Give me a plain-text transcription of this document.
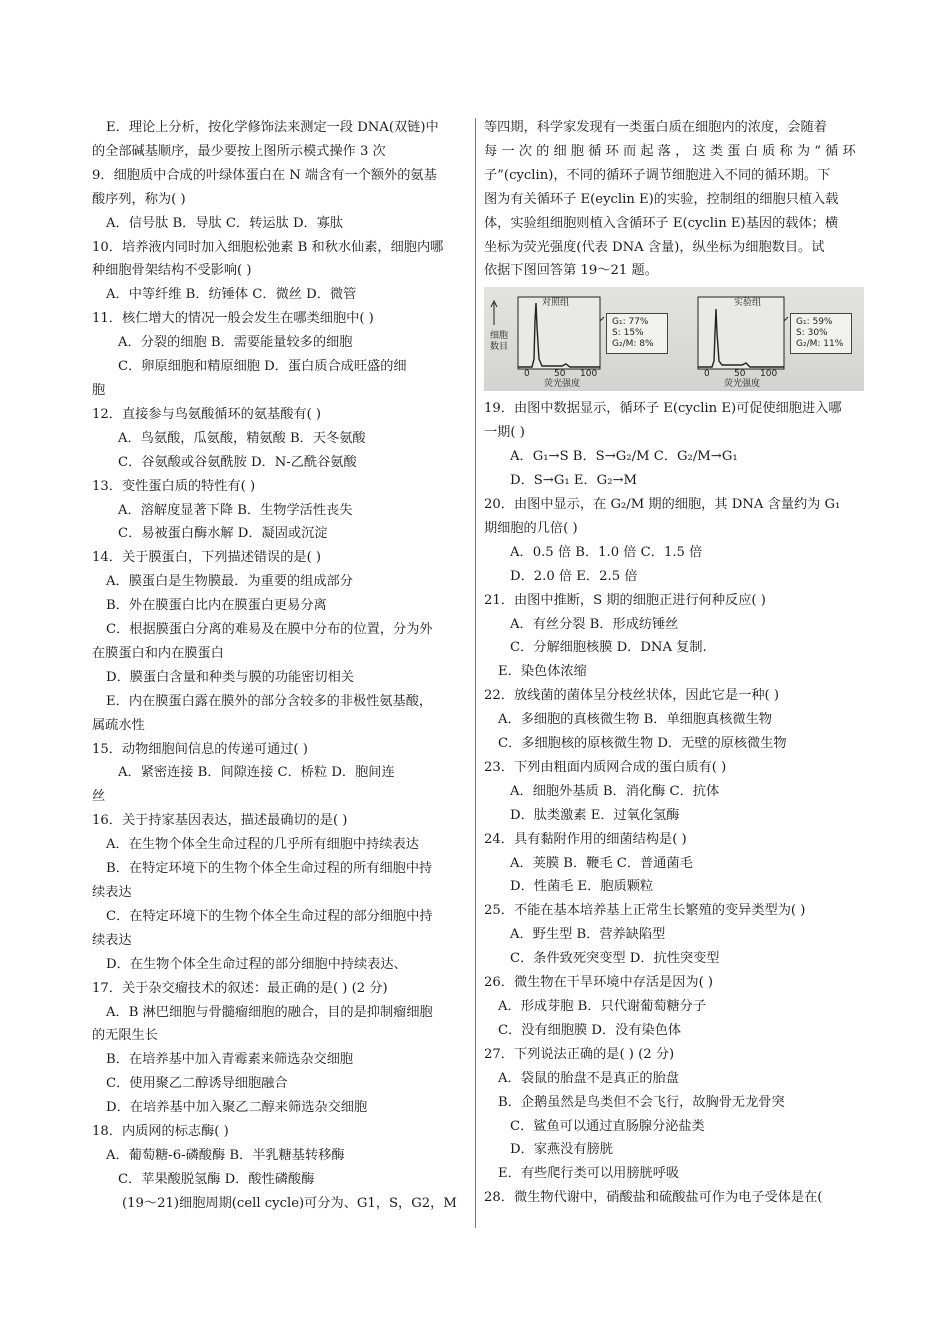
E．理论上分析，按化学修饰法来测定一段 DNA(双链)中
的全部碱基顺序，最少要按上图所示模式操作 3 次
9．细胞质中合成的叶绿体蛋白在 N 端含有一个额外的氨基
酸序列，称为( )
A．信号肽 B．导肽 C．转运肽 D．寡肽
10．培养液内同时加入细胞松弛素 B 和秋水仙素，细胞内哪
种细胞骨架结构不受影响( )
A．中等纤维 B．纺锤体 C．微丝 D．微管
11．核仁增大的情况一般会发生在哪类细胞中( )
A．分裂的细胞 B．需要能量较多的细胞
C．卵原细胞和精原细胞 D．蛋白质合成旺盛的细
胞
12．直接参与鸟氨酸循环的氨基酸有( )
A．鸟氨酸，瓜氨酸，精氨酸 B．天冬氨酸
C．谷氨酸或谷氨酰胺 D．N-乙酰谷氨酸
13．变性蛋白质的特性有( )
A．溶解度显著下降 B．生物学活性丧失
C．易被蛋白酶水解 D．凝固或沉淀
14．关于膜蛋白，下列描述错误的是( )
A．膜蛋白是生物膜最．为重要的组成部分
B．外在膜蛋白比内在膜蛋白更易分离
C．根据膜蛋白分离的难易及在膜中分布的位置，分为外
在膜蛋白和内在膜蛋白
D．膜蛋白含量和种类与膜的功能密切相关
E．内在膜蛋白露在膜外的部分含较多的非极性氨基酸，
属疏水性
15．动物细胞间信息的传递可通过( )
A．紧密连接 B．间隙连接 C．桥粒 D．胞间连
丝
16．关于持家基因表达，描述最确切的是( )
A．在生物个体全生命过程的几乎所有细胞中持续表达
B．在特定环境下的生物个体全生命过程的所有细胞中持
续表达
C．在特定环境下的生物个体全生命过程的部分细胞中持
续表达
D．在生物个体全生命过程的部分细胞中持续表达、
17．关于杂交瘤技术的叙述：最正确的是( ) (2 分)
A．B 淋巴细胞与骨髓瘤细胞的融合，目的是抑制瘤细胞
的无限生长
B．在培养基中加入青霉素来筛选杂交细胞
C．使用聚乙二醇诱导细胞融合
D．在培养基中加入聚乙二醇来筛选杂交细胞
18．内质网的标志酶( )
A．葡萄糖-6-磷酸酶 B．半乳糖基转移酶
C．苹果酸脱氢酶 D．酸性磷酸酶
(19～21)细胞周期(cell cycle)可分为、G1，S，G2，M
等四期，科学家发现有一类蛋白质在细胞内的浓度，会随着
每 一 次 的 细 胞 循 环 而 起 落 ， 这 类 蛋 白 质 称 为 “ 循 环
子”(cyclin)，不同的循环子调节细胞进入不同的循环期。下
图为有关循环子 E(eyclin E)的实验，控制组的细胞只植入载
体，实验组细胞则植入含循环子 E(cyclin E)基因的载体；横
坐标为荧光强度(代表 DNA 含量)，纵坐标为细胞数目。试
依据下图回答第 19～21 题。
细胞
数目
对照组
0	50 100
荧光强度
G₁: 77%
S: 15%
G₂/M: 8%
实验组
0	50 100
荧光强度
G₁: 59%
S: 30%
G₂/M: 11%
19．由图中数据显示，循环子 E(cyclin E)可促使细胞进入哪
一期( )
A．G₁→S B．S→G₂/M C．G₂/M→G₁
D．S→G₁ E．G₂→M
20．由图中显示，在 G₂/M 期的细胞，其 DNA 含量约为 G₁
期细胞的几倍( )
A．0.5 倍 B．1.0 倍 C．1.5 倍
D．2.0 倍 E．2.5 倍
21．由图中推断，S 期的细胞正进行何种反应( )
A．有丝分裂 B．形成纺锤丝
C．分解细胞核膜 D．DNA 复制.
E．染色体浓缩
22．放线菌的菌体呈分枝丝状体，因此它是一种( )
A．多细胞的真核微生物 B．单细胞真核微生物
C．多细胞核的原核微生物 D．无壁的原核微生物
23．下列由粗面内质网合成的蛋白质有( )
A．细胞外基质 B．消化酶 C．抗体
D．肽类激素 E．过氧化氢酶
24．具有黏附作用的细菌结构是( )
A．荚膜 B．鞭毛 C．普通菌毛
D．性菌毛 E．胞质颗粒
25．不能在基本培养基上正常生长繁殖的变异类型为( )
A．野生型 B．营养缺陷型
C．条件致死突变型 D．抗性突变型
26．微生物在干旱环境中存活是因为( )
A．形成芽胞 B．只代谢葡萄糖分子
C．没有细胞膜 D．没有染色体
27．下列说法正确的是( ) (2 分)
A．袋鼠的胎盘不是真正的胎盘
B．企鹅虽然是鸟类但不会飞行，故胸骨无龙骨突
C．鲨鱼可以通过直肠腺分泌盐类
D．家燕没有膀胱
E．有些爬行类可以用膀胱呼吸
28．微生物代谢中，硝酸盐和硫酸盐可作为电子受体是在(
